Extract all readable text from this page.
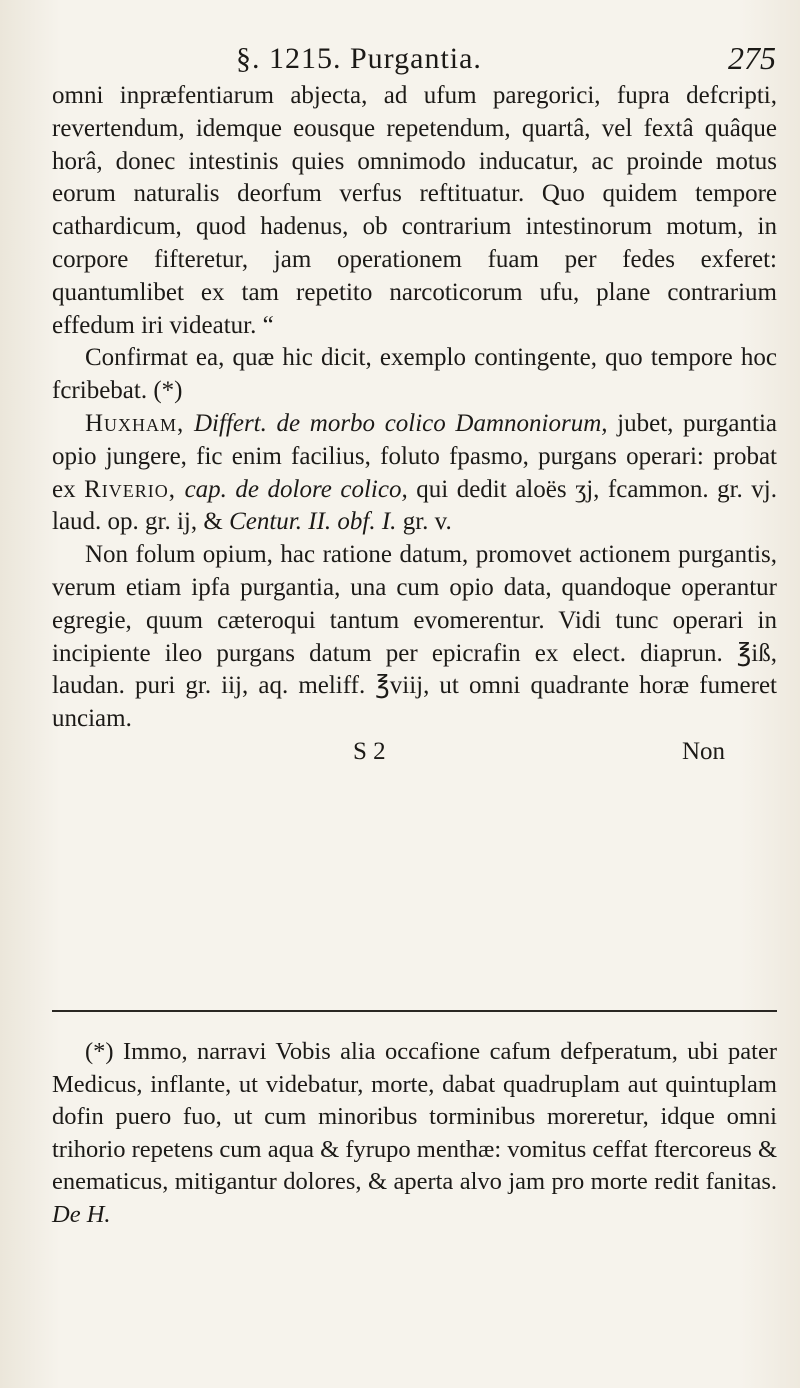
§. 1215. Purgantia.	275

omni inpræfentiarum abjecta, ad ufum paregorici, fupra defcripti, revertendum, idemque eousque repetendum, quartâ, vel fextâ quâque horâ, donec intestinis quies omnimodo inducatur, ac proinde motus eorum naturalis deorfum verfus reftituatur. Quo quidem tempore cathardicum, quod hadenus, ob contrarium intestinorum motum, in corpore fifteretur, jam operationem fuam per fedes exferet: quantumlibet ex tam repetito narcoticorum ufu, plane contrarium effedum iri videatur. “

Confirmat ea, quæ hic dicit, exemplo contingente, quo tempore hoc fcribebat. (*)

Huxham, Differt. de morbo colico Damnoniorum, jubet, purgantia opio jungere, fic enim facilius, foluto fpasmo, purgans operari: probat ex Riverio, cap. de dolore colico, qui dedit aloës ʒj, fcammon. gr. vj. laud. op. gr. ij, & Centur. II. obf. I. gr. v.

Non folum opium, hac ratione datum, promovet actionem purgantis, verum etiam ipfa purgantia, una cum opio data, quandoque operantur egregie, quum cæteroqui tantum evomerentur. Vidi tunc operari in incipiente ileo purgans datum per epicrafin ex elect. diaprun. ℥iß, laudan. puri gr. iij, aq. meliff. ℥viij, ut omni quadrante horæ fumeret unciam.

S 2	Non

(*) Immo, narravi Vobis alia occafione cafum defperatum, ubi pater Medicus, inflante, ut videbatur, morte, dabat quadruplam aut quintuplam dofin puero fuo, ut cum minoribus torminibus moreretur, idque omni trihorio repetens cum aqua & fyrupo menthæ: vomitus ceffat ftercoreus & enematicus, mitigantur dolores, & aperta alvo jam pro morte redit fanitas. De H.
